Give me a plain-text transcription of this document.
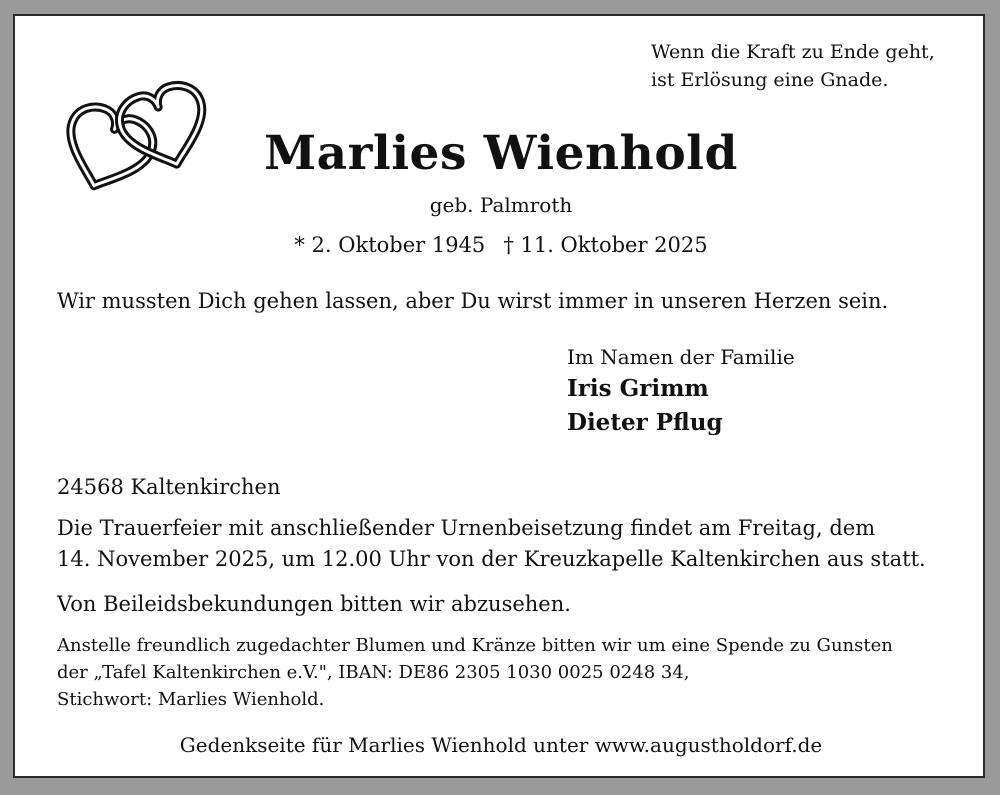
Wenn die Kraft zu Ende geht,
ist Erlösung eine Gnade.
Marlies Wienhold
geb. Palmroth
* 2. Oktober 1945 † 11. Oktober 2025
Wir mussten Dich gehen lassen, aber Du wirst immer in unseren Herzen sein.
Im Namen der Familie
Iris Grimm
Dieter Pflug
24568 Kaltenkirchen
Die Trauerfeier mit anschließender Urnenbeisetzung findet am Freitag, dem
14. November 2025, um 12.00 Uhr von der Kreuzkapelle Kaltenkirchen aus statt.
Von Beileidsbekundungen bitten wir abzusehen.
Anstelle freundlich zugedachter Blumen und Kränze bitten wir um eine Spende zu Gunsten
der „Tafel Kaltenkirchen e.V.", IBAN: DE86 2305 1030 0025 0248 34,
Stichwort: Marlies Wienhold.
Gedenkseite für Marlies Wienhold unter www.augustholdorf.de
